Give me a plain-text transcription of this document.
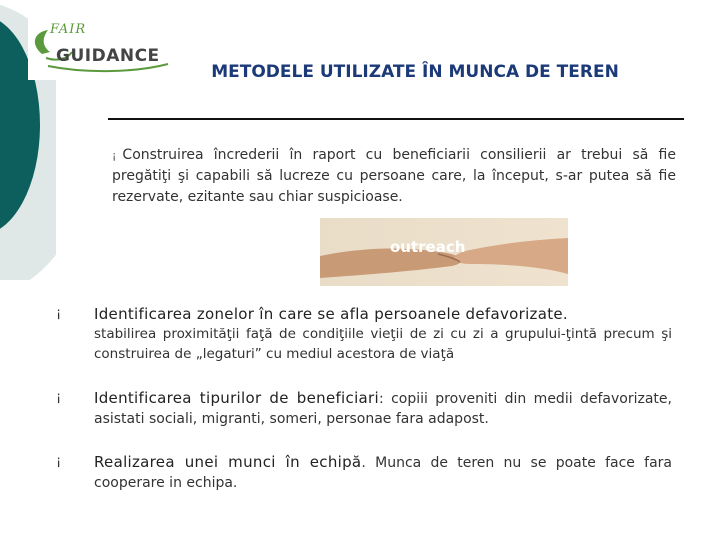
FAIR
GUIDANCE
METODELE UTILIZATE ÎN MUNCA DE TEREN
¡ Construirea încrederii în raport cu beneficiarii consilierii ar trebui să fie pregătiţi şi capabili să lucreze cu persoane care, la început, s-ar putea să fie rezervate, ezitante sau chiar suspicioase.
outreach
¡ Identificarea zonelor în care se afla persoanele defavorizate.
stabilirea proximităţii faţă de condiţiile vieţii de zi cu zi a grupului-ţintă precum şi construirea de „legaturi” cu mediul acestora de viaţă
¡ Identificarea tipurilor de beneficiari: copiii proveniti din medii defavorizate, asistati sociali, migranti, someri, personae fara adapost.
¡ Realizarea unei munci în echipă. Munca de teren nu se poate face fara cooperare in echipa.
